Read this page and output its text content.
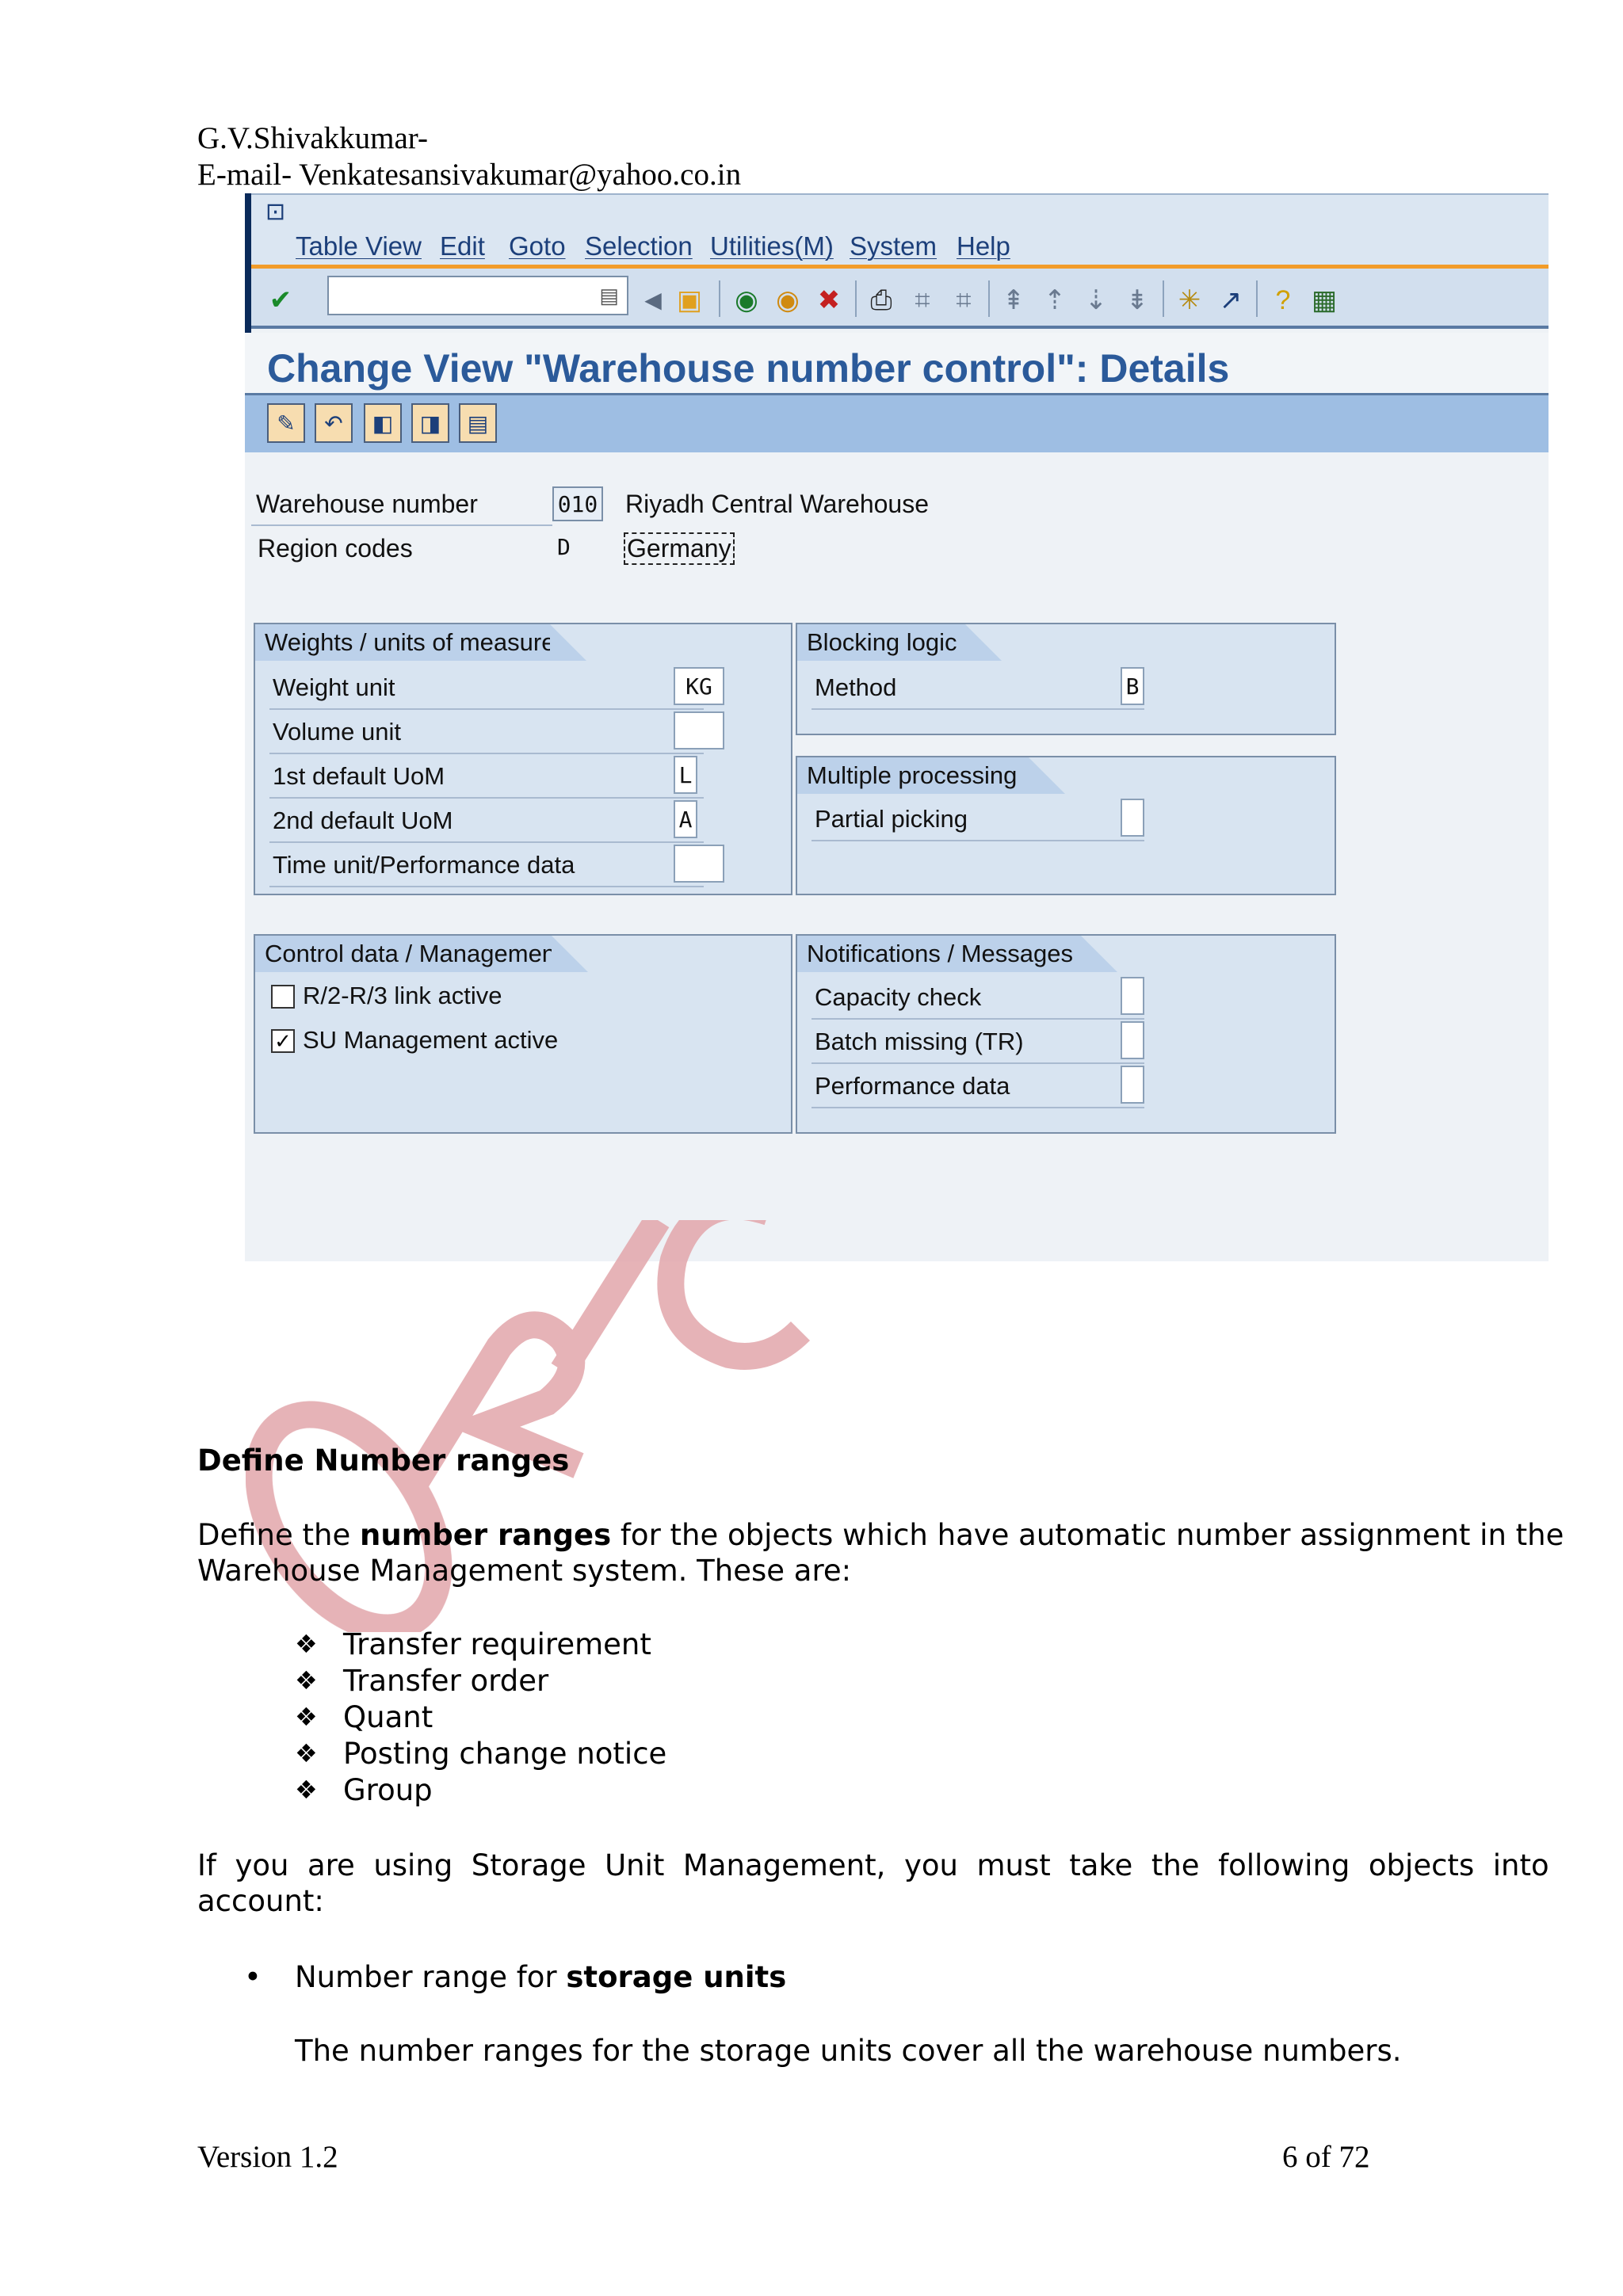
G.V.Shivakkumar-
E-mail- Venkatesansivakumar@yahoo.co.in
⊡
Table View Edit Goto Selection Utilities(M) System Help
✔	▤ ◀ ▣ ◉ ◉ ✖ ⎙ ⌗ ⌗	⇞ ⇡ ⇣ ⇟ ✳ ↗	? ▦
Change View "Warehouse number control": Details
✎	↶	◧	◨	▤
Warehouse number	010 Riyadh Central Warehouse
Region codes	D Germany
Weights / units of measure
Weight unit	KG
Volume unit
1st default UoM	L
2nd default UoM	A
Time unit/Performance data
Blocking logic
Method	B
Multiple processing
Partial picking
Control data / Management
R/2-R/3 link active
✓ SU Management active
Notifications / Messages
Capacity check
Batch missing (TR)
Performance data
Define Number ranges
Define the number ranges for the objects which have automatic number assignment in the
Warehouse Management system. These are:
❖ Transfer requirement
❖ Transfer order
❖ Quant
❖ Posting change notice
❖ Group
If  you  are  using  Storage  Unit  Management,  you  must  take  the  following  objects  into
account:
• Number range for storage units
The number ranges for the storage units cover all the warehouse numbers.
Version 1.2	6 of 72
